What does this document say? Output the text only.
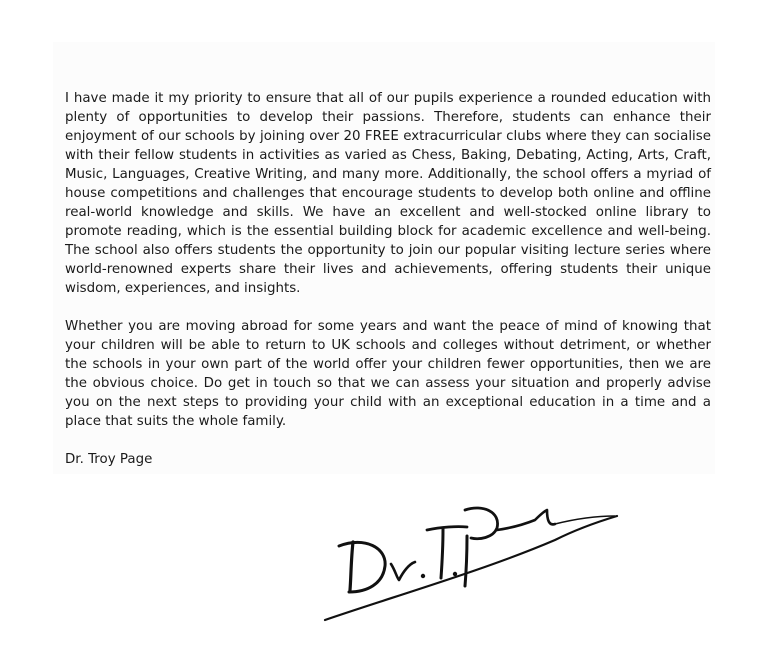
I have made it my priority to ensure that all of our pupils experience a rounded education with plenty of opportunities to develop their passions. Therefore, students can enhance their enjoyment of our schools by joining over 20 FREE extracurricular clubs where they can socialise with their fellow students in activities as varied as Chess, Baking, Debating, Acting, Arts, Craft, Music, Languages, Creative Writing, and many more. Additionally, the school offers a myriad of house competitions and challenges that encourage students to develop both online and offline real-world knowledge and skills. We have an excellent and well-stocked online library to promote reading, which is the essential building block for academic excellence and well-being. The school also offers students the opportunity to join our popular visiting lecture series where world-renowned experts share their lives and achievements, offering students their unique wisdom, experiences, and insights.

Whether you are moving abroad for some years and want the peace of mind of knowing that your children will be able to return to UK schools and colleges without detriment, or whether the schools in your own part of the world offer your children fewer opportunities, then we are the obvious choice. Do get in touch so that we can assess your situation and properly advise you on the next steps to providing your child with an exceptional education in a time and a place that suits the whole family.

Dr. Troy Page
